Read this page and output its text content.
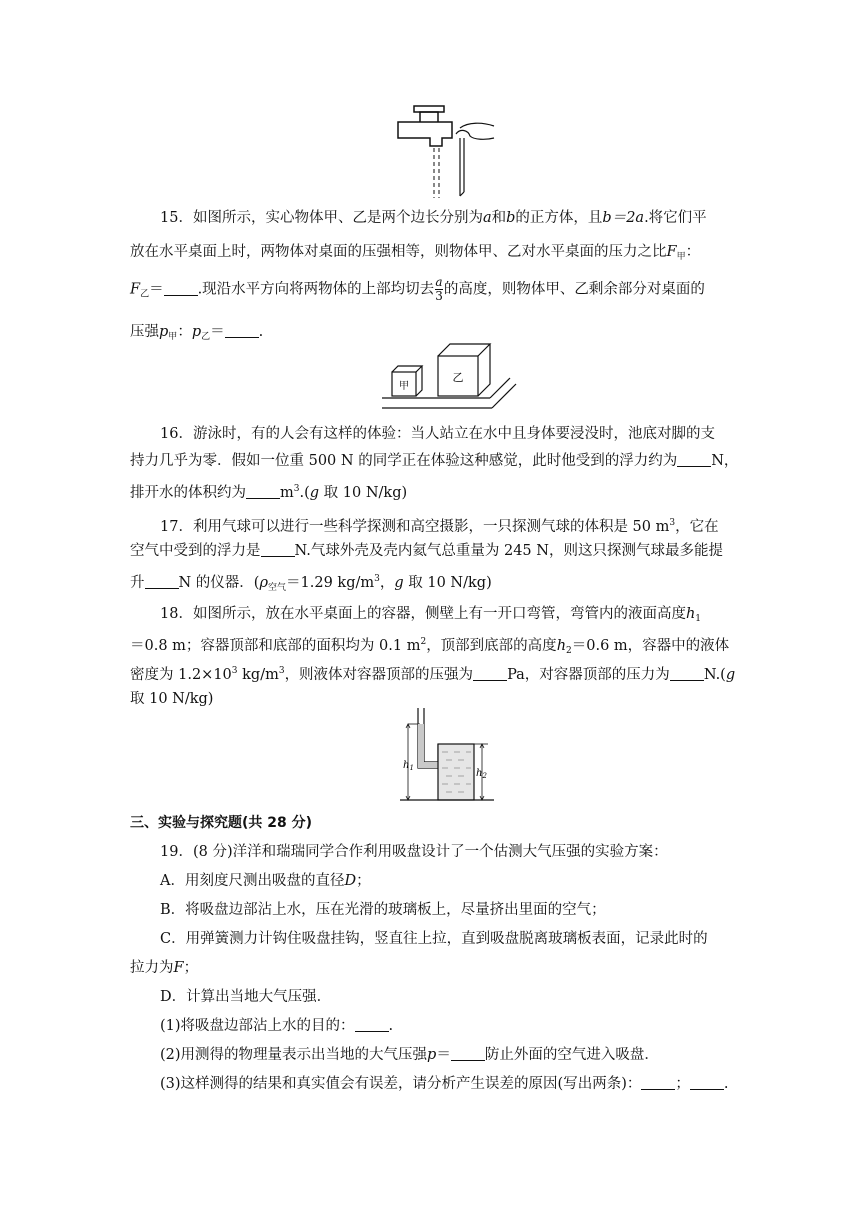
15．如图所示，实心物体甲、乙是两个边长分别为a和b的正方体，且b＝2a.将它们平
放在水平桌面上时，两物体对桌面的压强相等，则物体甲、乙对水平桌面的压力之比$F_甲$：
$F_乙=$ .现沿水平方向将两物体的上部均切去 $\frac{a}{3}$ 的高度，则物体甲、乙剩余部分对桌面的
压强$p_甲$：$p_乙=$ .
甲
乙
16．游泳时，有的人会有这样的体验：当人站立在水中且身体要浸没时，池底对脚的支
持力几乎为零．假如一位重 500 N 的同学正在体验这种感觉，此时他受到的浮力约为 N，
排开水的体积约为 $m^3.(g$ 取 10 N/kg)
17．利用气球可以进行一些科学探测和高空摄影，一只探测气球的体积是 50 $m^3$，它在
空气中受到的浮力是 N.气球外壳及壳内氦气总重量为 245 N，则这只探测气球最多能提
升 N 的仪器．($\rho_{空气}=1.29$ $kg/m^3$，g 取 10 N/kg)
18．如图所示，放在水平桌面上的容器，侧壁上有一开口弯管，弯管内的液面高度$h_1$
＝0.8 m；容器顶部和底部的面积均为 0.1 $m^2$，顶部到底部的高度$h_2=0.6$ m，容器中的液体
密度为 $1.2\times 10^3$ $kg/m^3$，则液体对容器顶部的压强为 Pa，对容器顶部的压力为 N.(g
取 10 N/kg)
$h_1$	$h_2$
三、实验与探究题(共 28 分)
19．(8 分)洋洋和瑞瑞同学合作利用吸盘设计了一个估测大气压强的实验方案：
A．用刻度尺测出吸盘的直径D；
B．将吸盘边部沾上水，压在光滑的玻璃板上，尽量挤出里面的空气；
C．用弹簧测力计钩住吸盘挂钩，竖直往上拉，直到吸盘脱离玻璃板表面，记录此时的
拉力为F；
D．计算出当地大气压强．
(1)将吸盘边部沾上水的目的： .
(2)用测得的物理量表示出当地的大气压强p＝ 防止外面的空气进入吸盘．
(3)这样测得的结果和真实值会有误差，请分析产生误差的原因(写出两条)： ； .
